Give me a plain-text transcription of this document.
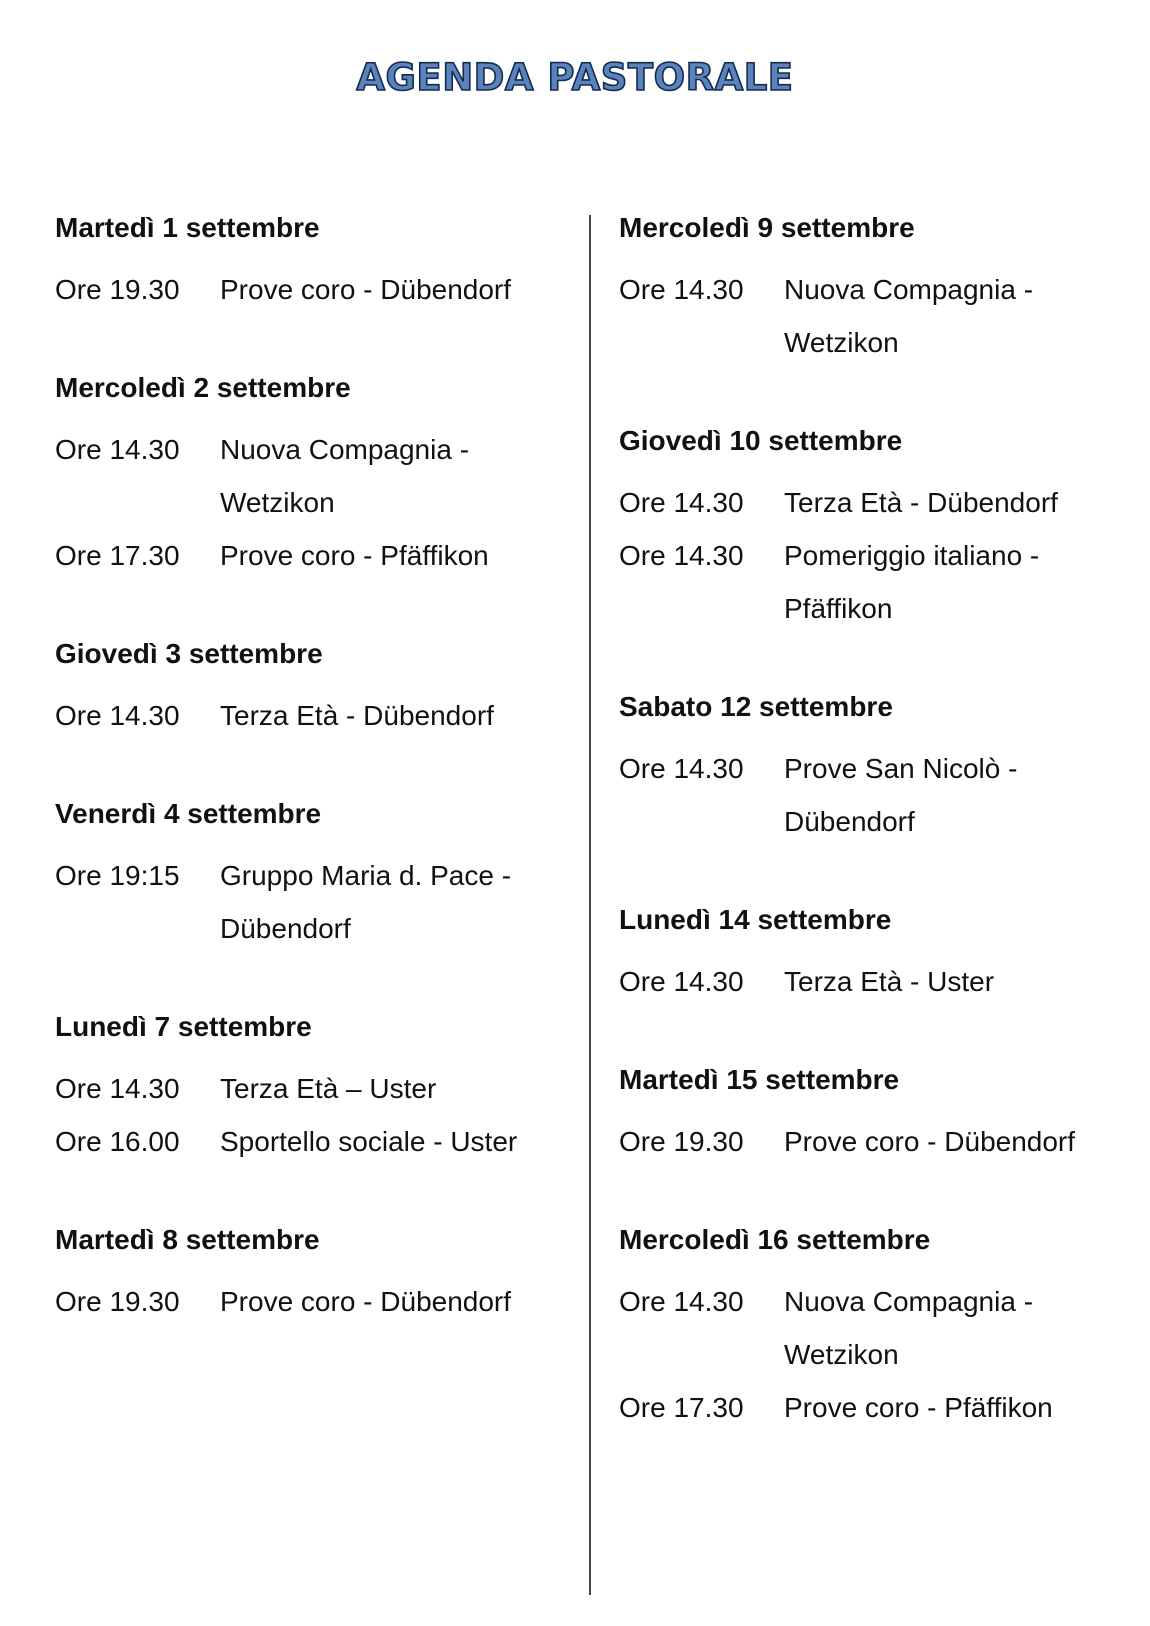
AGENDA PASTORALE
Martedì 1 settembre
Ore 19.30	Prove coro - Dübendorf
Mercoledì 2 settembre
Ore 14.30	Nuova Compagnia -
Wetzikon
Ore 17.30	Prove coro - Pfäffikon
Giovedì 3 settembre
Ore 14.30	Terza Età - Dübendorf
Venerdì 4 settembre
Ore 19:15	Gruppo Maria d. Pace -
Dübendorf
Lunedì 7 settembre
Ore 14.30	Terza Età – Uster
Ore 16.00	Sportello sociale - Uster
Martedì 8 settembre
Ore 19.30	Prove coro - Dübendorf
Mercoledì 9 settembre
Ore 14.30	Nuova Compagnia -
Wetzikon
Giovedì 10 settembre
Ore 14.30	Terza Età - Dübendorf
Ore 14.30	Pomeriggio italiano -
Pfäffikon
Sabato 12 settembre
Ore 14.30	Prove San Nicolò -
Dübendorf
Lunedì 14 settembre
Ore 14.30	Terza Età - Uster
Martedì 15 settembre
Ore 19.30	Prove coro - Dübendorf
Mercoledì 16 settembre
Ore 14.30	Nuova Compagnia -
Wetzikon
Ore 17.30	Prove coro - Pfäffikon
